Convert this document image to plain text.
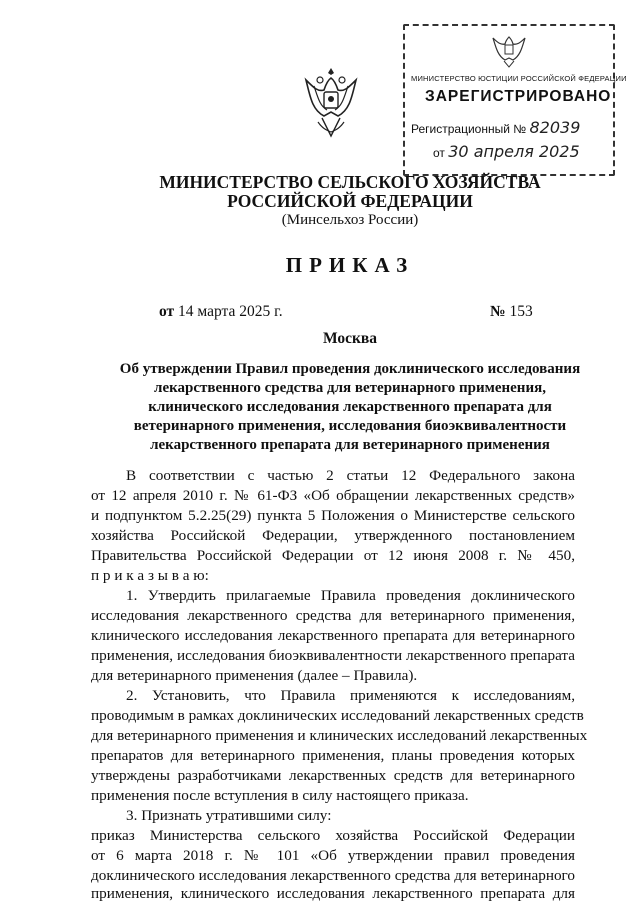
МИНИСТЕРСТВО ЮСТИЦИИ РОССИЙСКОЙ ФЕДЕРАЦИИ
ЗАРЕГИСТРИРОВАНО
Регистрационный № 82039
от 30 апреля 2025
МИНИСТЕРСТВО СЕЛЬСКОГО ХОЗЯЙСТВА
РОССИЙСКОЙ ФЕДЕРАЦИИ
(Минсельхоз России)
ПРИКАЗ
от 14 марта 2025 г.	№ 153
Москва
Об утверждении Правил проведения доклинического исследования
лекарственного средства для ветеринарного применения,
клинического исследования лекарственного препарата для
ветеринарного применения, исследования биоэквивалентности
лекарственного препарата для ветеринарного применения
В соответствии с частью 2 статьи 12 Федерального закона
от 12 апреля 2010 г. № 61-ФЗ «Об обращении лекарственных средств»
и подпунктом 5.2.25(29) пункта 5 Положения о Министерстве сельского
хозяйства Российской Федерации, утвержденного постановлением
Правительства Российской Федерации от 12 июня 2008 г. № 450,
п р и к а з ы в а ю:
1. Утвердить прилагаемые Правила проведения доклинического
исследования лекарственного средства для ветеринарного применения,
клинического исследования лекарственного препарата для ветеринарного
применения, исследования биоэквивалентности лекарственного препарата
для ветеринарного применения (далее – Правила).
2. Установить, что Правила применяются к исследованиям,
проводимым в рамках доклинических исследований лекарственных средств
для ветеринарного применения и клинических исследований лекарственных
препаратов для ветеринарного применения, планы проведения которых
утверждены разработчиками лекарственных средств для ветеринарного
применения после вступления в силу настоящего приказа.
3. Признать утратившими силу:
приказ Министерства сельского хозяйства Российской Федерации
от 6 марта 2018 г. № 101 «Об утверждении правил проведения
доклинического исследования лекарственного средства для ветеринарного
применения, клинического исследования лекарственного препарата для
